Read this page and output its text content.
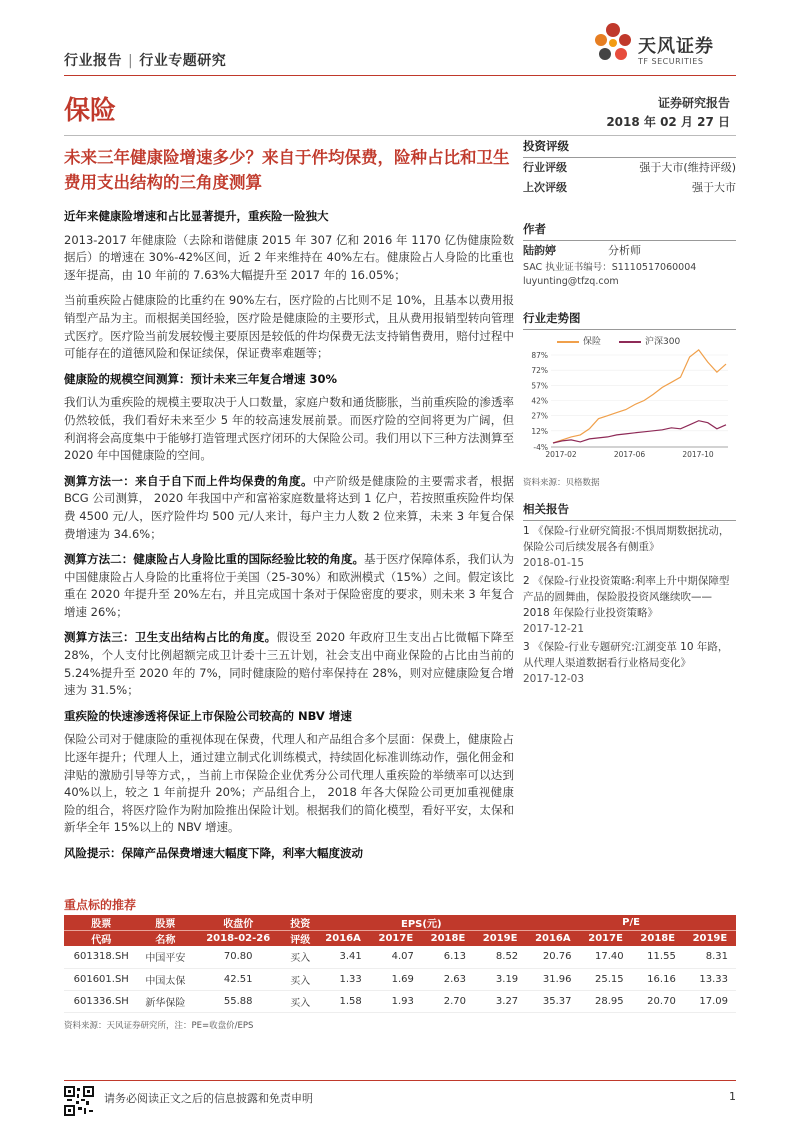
行业报告 | 行业专题研究
天风证券
TF SECURITIES
保险	证券研究报告
2018 年 02 月 27 日
未来三年健康险增速多少？来自于件均保费，险种占比和卫生费用支出结构的三角度测算
近年来健康险增速和占比显著提升，重疾险一险独大

2013-2017 年健康险（去除和谐健康 2015 年 307 亿和 2016 年 1170 亿伪健康险数据后）的增速在 30%-42%区间，近 2 年来维持在 40%左右。健康险占人身险的比重也逐年提高，由 10 年前的 7.63%大幅提升至 2017 年的 16.05%；

当前重疾险占健康险的比重约在 90%左右，医疗险的占比则不足 10%，且基本以费用报销型产品为主。而根据美国经验，医疗险是健康险的主要形式，且从费用报销型转向管理式医疗。医疗险当前发展较慢主要原因是较低的件均保费无法支持销售费用，赔付过程中可能存在的道德风险和保证续保，保证费率难题等；

健康险的规模空间测算：预计未来三年复合增速 30%

我们认为重疾险的规模主要取决于人口数量，家庭户数和通货膨胀，当前重疾险的渗透率仍然较低，我们看好未来至少 5 年的较高速发展前景。而医疗险的空间将更为广阔，但利润将会高度集中于能够打造管理式医疗闭环的大保险公司。我们用以下三种方法测算至 2020 年中国健康险的空间。

测算方法一：来自于自下而上件均保费的角度。中产阶级是健康险的主要需求者，根据 BCG 公司测算， 2020 年我国中产和富裕家庭数量将达到 1 亿户，若按照重疾险件均保费 4500 元/人，医疗险件均 500 元/人来计，每户主力人数 2 位来算，未来 3 年复合保费增速为 34.6%；

测算方法二：健康险占人身险比重的国际经验比较的角度。基于医疗保障体系，我们认为中国健康险占人身险的比重将位于美国（25-30%）和欧洲模式（15%）之间。假定该比重在 2020 年提升至 20%左右，并且完成国十条对于保险密度的要求，则未来 3 年复合增速 26%；

测算方法三：卫生支出结构占比的角度。假设至 2020 年政府卫生支出占比微幅下降至 28%，个人支付比例超额完成卫计委十三五计划，社会支出中商业保险的占比由当前的 5.24%提升至 2020 年的 7%，同时健康险的赔付率保持在 28%，则对应健康险复合增速为 31.5%；

重疾险的快速渗透将保证上市保险公司较高的 NBV 增速

保险公司对于健康险的重视体现在保费，代理人和产品组合多个层面：保费上，健康险占比逐年提升；代理人上，通过建立制式化训练模式，持续固化标准训练动作，强化佣金和津贴的激励引导等方式，，当前上市保险企业优秀分公司代理人重疾险的举绩率可以达到 40%以上，较之 1 年前提升 20%；产品组合上， 2018 年各大保险公司更加重视健康险的组合，将医疗险作为附加险推出保险计划。根据我们的简化模型，看好平安，太保和新华全年 15%以上的 NBV 增速。

风险提示：保障产品保费增速大幅度下降，利率大幅度波动
投资评级
行业评级	强于大市(维持评级)
上次评级	强于大市
作者
陆韵婷	分析师
SAC 执业证书编号：S1110517060004
luyunting@tfzq.com
行业走势图
保险	沪深300
-4%
12%
27%
42%
57%
72%
87%
2017-02	2017-06	2017-10
资料来源：贝格数据
相关报告
1 《保险-行业研究简报:不惧周期数据扰动，保险公司后续发展各有侧重》
2018-01-15
2 《保险-行业投资策略:利率上升中期保障型产品的圆舞曲，保险股投资风继续吹——2018 年保险行业投资策略》
2017-12-21
3 《保险-行业专题研究:江湖变革 10 年路，从代理人渠道数据看行业格局变化》
2017-12-03
重点标的推荐
股票	股票	收盘价	投资	EPS(元)				P/E			
代码	名称	2018-02-26	评级	2016A	2017E	2018E	2019E	2016A	2017E	2018E	2019E
601318.SH	中国平安	70.80	买入	3.41	4.07	6.13	8.52	20.76	17.40	11.55	8.31
601601.SH	中国太保	42.51	买入	1.33	1.69	2.63	3.19	31.96	25.15	16.16	13.33
601336.SH	新华保险	55.88	买入	1.58	1.93	2.70	3.27	35.37	28.95	20.70	17.09
资料来源：天风证券研究所，注：PE=收盘价/EPS
请务必阅读正文之后的信息披露和免责申明	1
